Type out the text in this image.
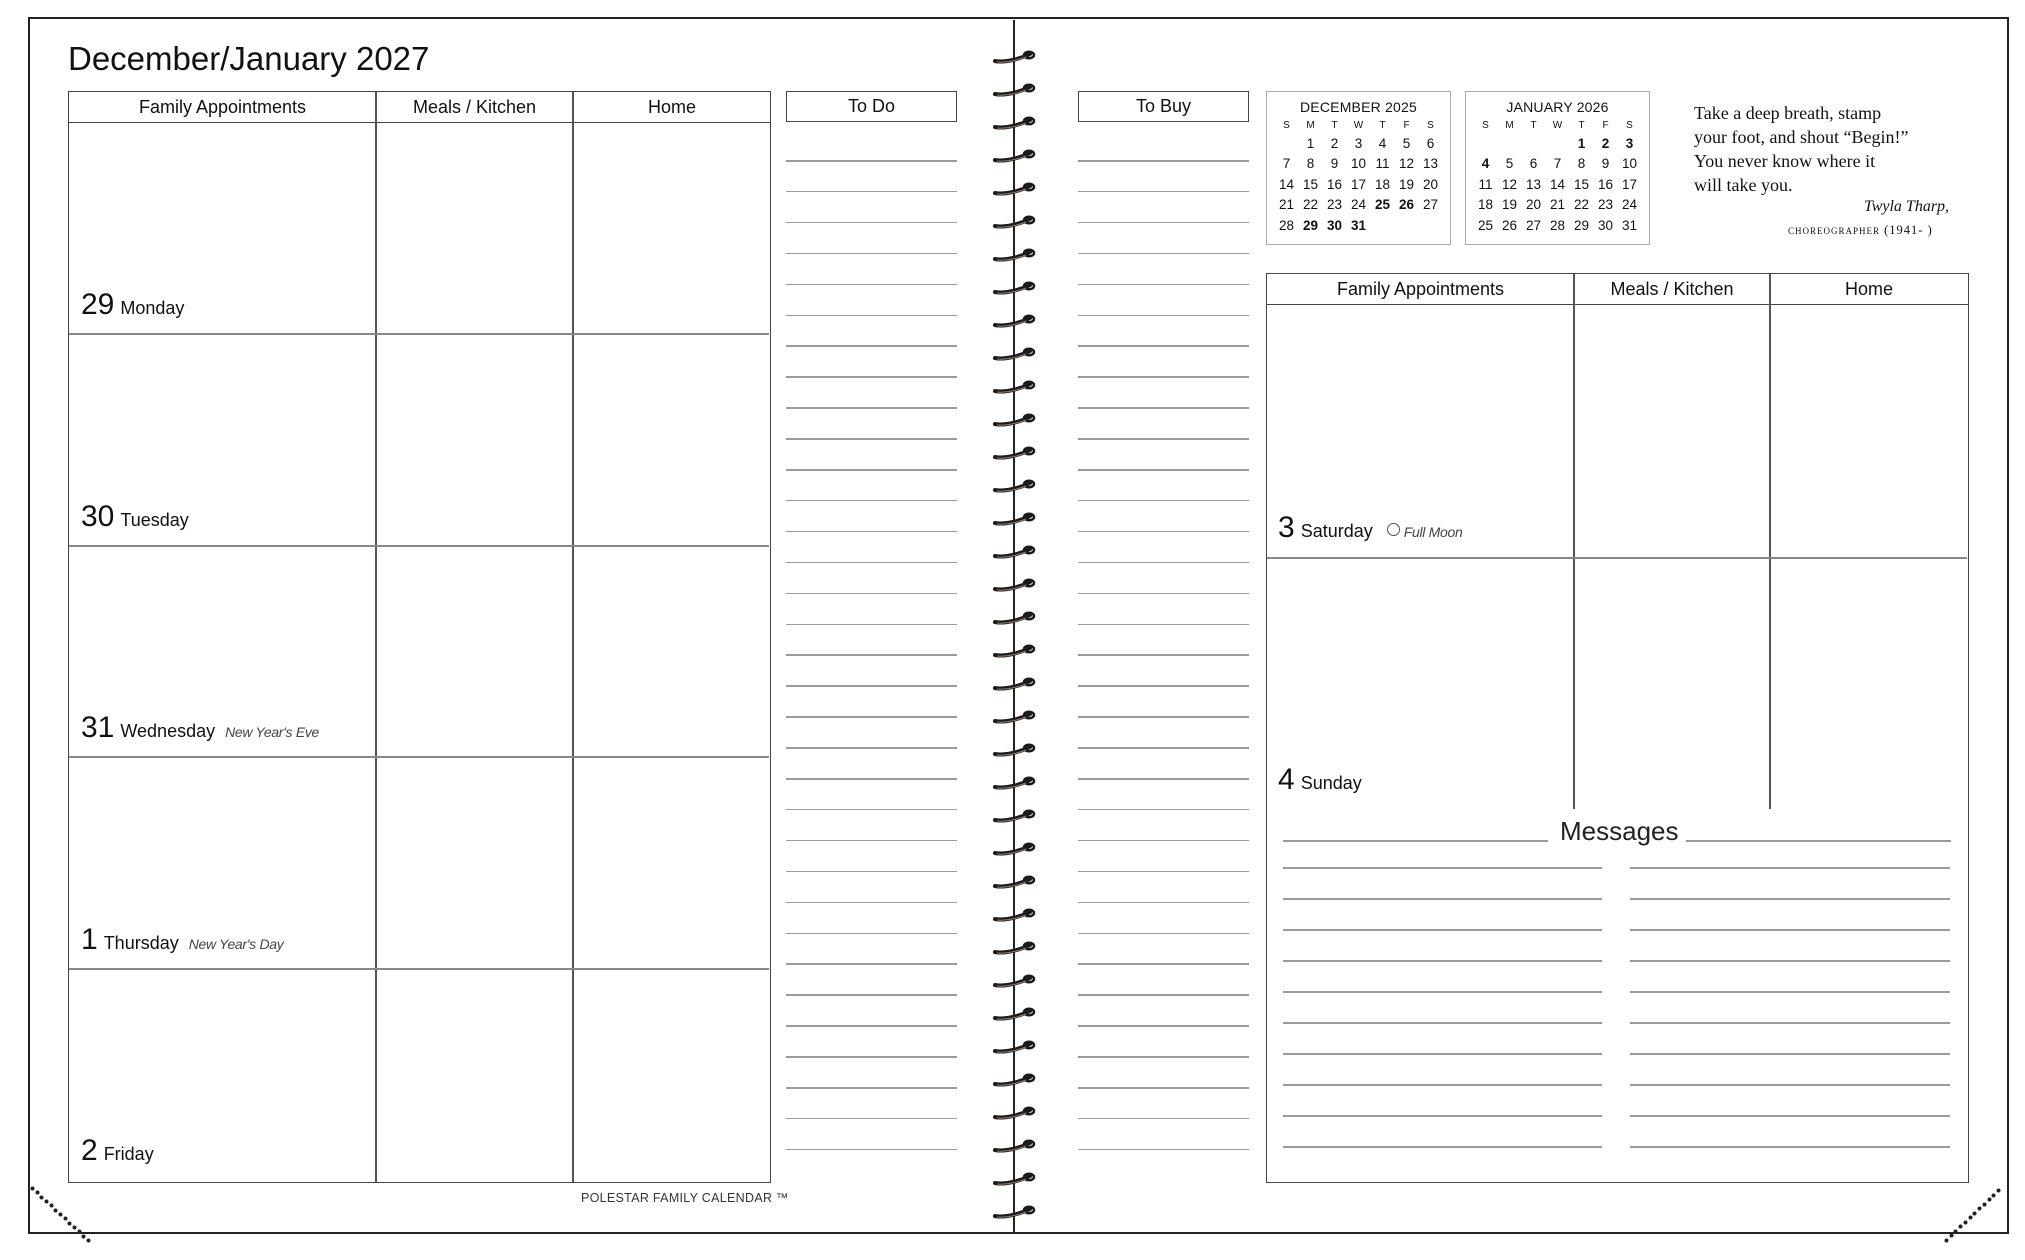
December/January 2027
Family Appointments	Meals / Kitchen	Home
29 Monday
30 Tuesday
31 Wednesday New Year's Eve
1 Thursday New Year's Day
2 Friday
POLESTAR FAMILY CALENDAR ™
To Do	To Buy	DECEMBER 2025
S	M	T	W	T	F	S
	1	2	3	4	5	6
7	8	9	10	11	12	13
14	15	16	17	18	19	20
21	22	23	24	25	26	27
28	29	30	31			
JANUARY 2026
S	M	T	W	T	F	S
				1	2	3
4	5	6	7	8	9	10
11	12	13	14	15	16	17
18	19	20	21	22	23	24
25	26	27	28	29	30	31
Take a deep breath, stamp
your foot, and shout “Begin!”
You never know where it
will take you.
Twyla Tharp,
choreographer (1941- )
Family Appointments	Meals / Kitchen	Home
3 Saturday Full Moon
4 Sunday
Messages
